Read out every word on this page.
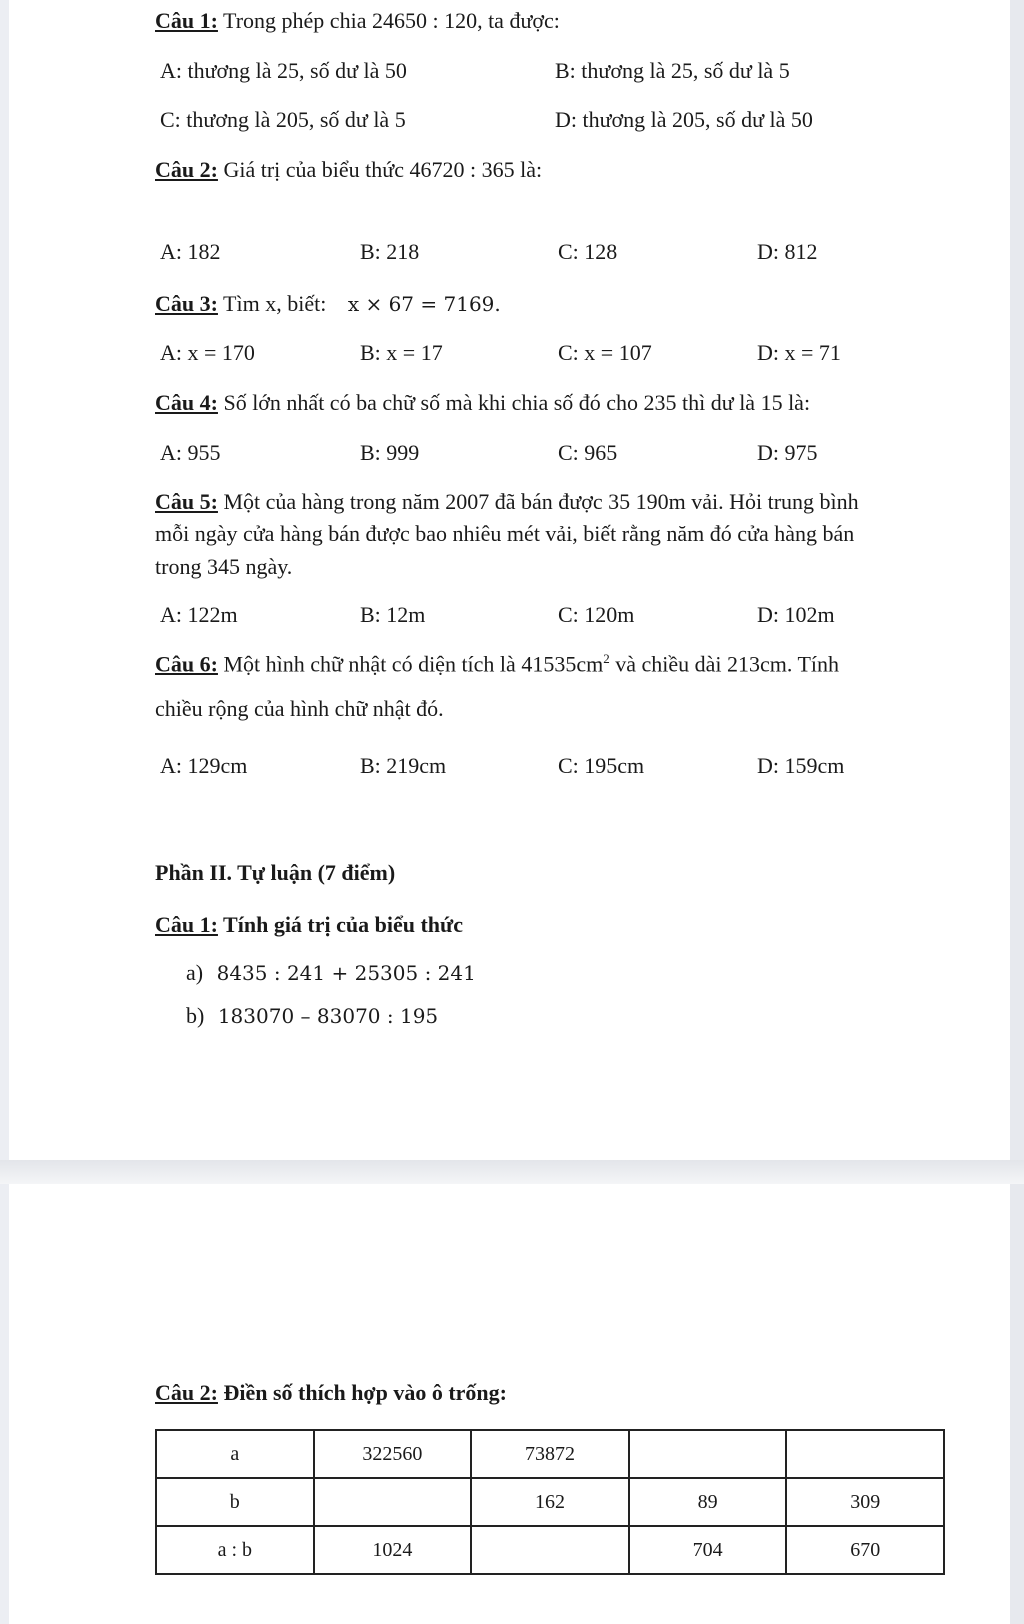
Câu 1: Trong phép chia 24650 : 120, ta được:
A: thương là 25, số dư là 50	B: thương là 25, số dư là 5
C: thương là 205, số dư là 5	D: thương là 205, số dư là 50
Câu 2: Giá trị của biểu thức 46720 : 365 là:
A: 182	B: 218	C: 128	D: 812
Câu 3: Tìm x, biết: x × 67 = 7169.
A: x = 170	B: x = 17	C: x = 107	D: x = 71
Câu 4: Số lớn nhất có ba chữ số mà khi chia số đó cho 235 thì dư là 15 là:
A: 955	B: 999	C: 965	D: 975
Câu 5: Một của hàng trong năm 2007 đã bán được 35 190m vải. Hỏi trung bình
mỗi ngày cửa hàng bán được bao nhiêu mét vải, biết rằng năm đó cửa hàng bán
trong 345 ngày.
A: 122m	B: 12m	C: 120m	D: 102m
Câu 6: Một hình chữ nhật có diện tích là $41535cm^2$ và chiều dài 213cm. Tính
chiều rộng của hình chữ nhật đó.
A: 129cm	B: 219cm	C: 195cm	D: 159cm
Phần II. Tự luận (7 điểm)
Câu 1: Tính giá trị của biểu thức
a) 8435 : 241 + 25305 : 241
b) 183070 – 83070 : 195
Câu 2: Điền số thích hợp vào ô trống:
a	322560	73872		
b		162	89	309
a : b	1024		704	670
